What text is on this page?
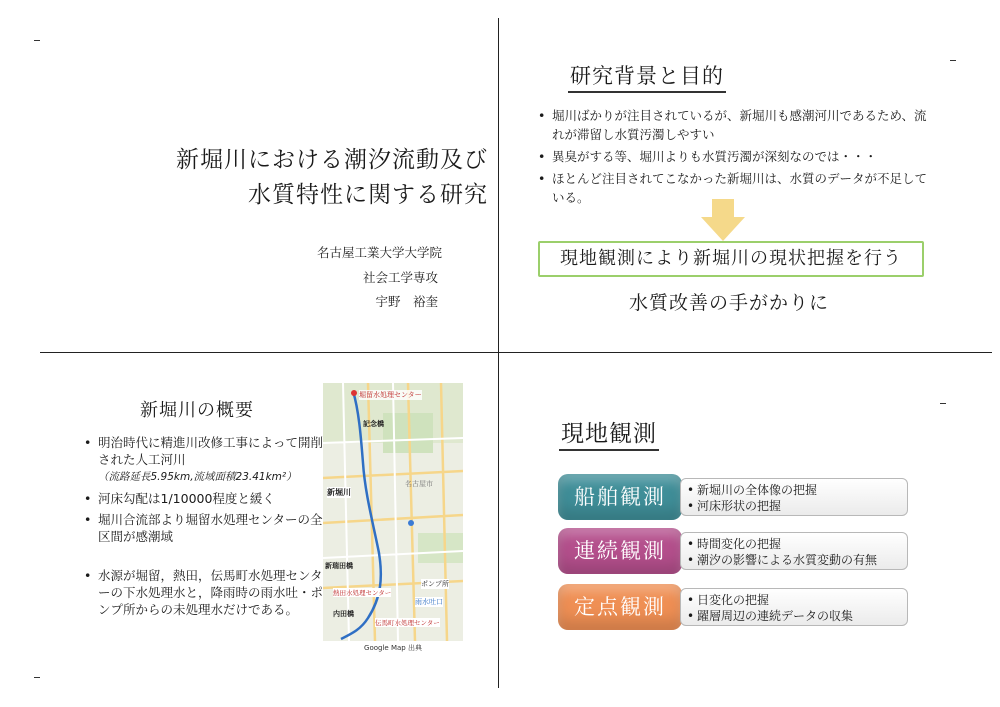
新堀川における潮汐流動及び
水質特性に関する研究
名古屋工業大学大学院
社会工学専攻
宇野　裕奎
研究背景と目的
• 堀川ばかりが注目されているが、新堀川も感潮河川であるため、流れが滞留し水質汚濁しやすい
• 異臭がする等、堀川よりも水質汚濁が深刻なのでは・・・
• ほとんど注目されてこなかった新堀川は、水質のデータが不足している。
現地観測により新堀川の現状把握を行う
水質改善の手がかりに
新堀川の概要
• 明治時代に精進川改修工事によって開削された人工河川
（流路延長5.95km,流域面積23.41km²）
• 河床勾配は1/10000程度と緩く
• 堀川合流部より堀留水処理センターの全区間が感潮域
• 水源が堀留，熱田，伝馬町水処理センターの下水処理水と，降雨時の雨水吐・ポンプ所からの未処理水だけである。
堀留水処理センター
記念橋
新堀川
名古屋市
新瑞田橋
熱田水処理センター
ポンプ所
内田橋
雨水吐口
伝馬町水処理センター
Google Map 出典
現地観測
船舶観測	• 新堀川の全体像の把握
• 河床形状の把握
連続観測	• 時間変化の把握
• 潮汐の影響による水質変動の有無
定点観測	• 日変化の把握
• 躍層周辺の連続データの収集
